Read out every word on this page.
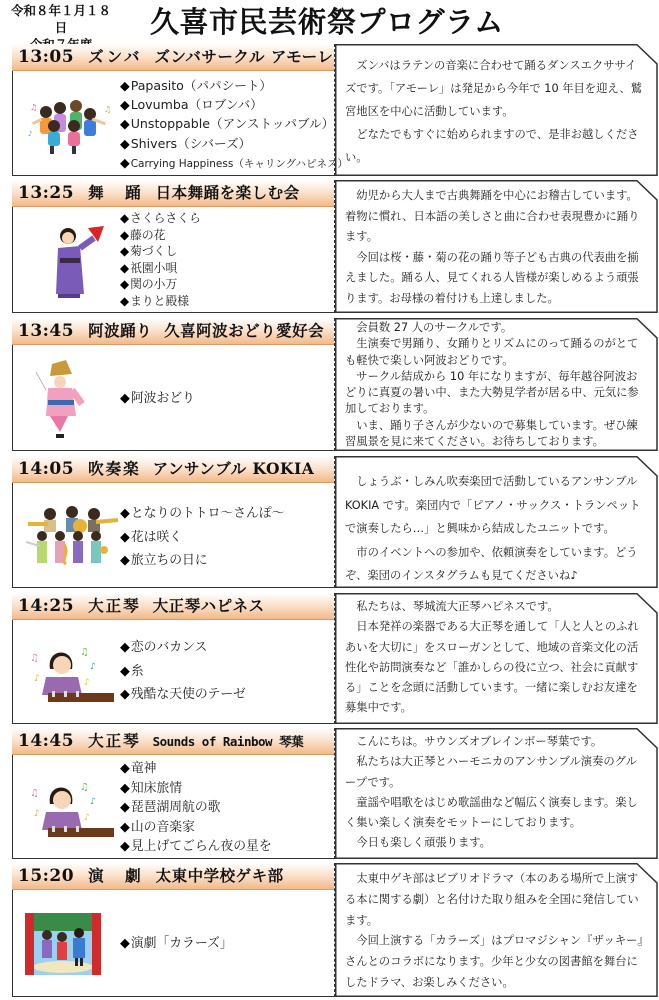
令和８年１月１８日	久喜市民芸術祭プログラム
13:05 ズンバ ズンバサークル アモーレ
♫	♫
♪
◆Papasito（パパシート）
◆Lovumba（ロブンバ）
◆Unstoppable（アンストッパブル）
◆Shivers（シバーズ）
◆Carrying Happiness（キャリングハピネス）

ズンバはラテンの音楽に合わせて踊るダンスエクササイズです。「アモーレ」は発足から今年で 10 年目を迎え、鷲宮地区を中心に活動しています。

どなたでもすぐに始められますので、是非お越しください。

13:25 舞　踊 日本舞踊を楽しむ会
◆さくらさくら
◆藤の花
◆菊づくし
◆祇園小唄
◆関の小万
◆まりと殿様

幼児から大人まで古典舞踊を中心にお稽古しています。着物に慣れ、日本語の美しさと曲に合わせ表現豊かに踊ります。

今回は桜・藤・菊の花の踊り等子ども古典の代表曲を揃えました。踊る人、見てくれる人皆様が楽しめるよう頑張ります。お母様の着付けも上達しました。

13:45 阿波踊り 久喜阿波おどり愛好会
◆阿波おどり

会員数 27 人のサークルです。

生演奏で男踊り、女踊りとリズムにのって踊るのがとても軽快で楽しい阿波おどりです。

サークル結成から 10 年になりますが、毎年越谷阿波おどりに真夏の暑い中、また大勢見学者が居る中、元気に参加しております。

いま、踊り子さんが少ないので募集しています。ぜひ練習風景を見に来てください。お待ちしております。

14:05 吹奏楽 アンサンブル KOKIA
◆となりのトトロ～さんぽ～
◆花は咲く
◆旅立ちの日に

しょうぶ・しみん吹奏楽団で活動しているアンサンブル KOKIA です。楽団内で「ピアノ・サックス・トランペットで演奏したら…」と興味から結成したユニットです。

市のイベントへの参加や、依頼演奏をしています。どうぞ、楽団のインスタグラムも見てくださいね♪

14:25 大正琴 大正琴ハピネス
♫
♫
♪
♪	♪
◆恋のバカンス
◆糸
◆残酷な天使のテーゼ

私たちは、琴城流大正琴ハピネスです。

日本発祥の楽器である大正琴を通して「人と人とのふれあいを大切に」をスローガンとして、地域の音楽文化の活性化や訪問演奏など「誰かしらの役に立つ、社会に貢献する」ことを念頭に活動しています。一緒に楽しむお友達を募集中です。

14:45 大正琴 Sounds of Rainbow 琴葉
♫
♫
♪
♪	♪
◆竜神
◆知床旅情
◆琵琶湖周航の歌
◆山の音楽家
◆見上げてごらん夜の星を

こんにちは。サウンズオブレインボー琴葉です。

私たちは大正琴とハーモニカのアンサンブル演奏のグループです。

童謡や唱歌をはじめ歌謡曲など幅広く演奏します。楽しく集い楽しく演奏をモットーにしております。

今日も楽しく頑張ります。

15:20 演　劇 太東中学校ゲキ部
◆演劇「カラーズ」

太東中ゲキ部はビブリオドラマ（本のある場所で上演する本に関する劇）と名付けた取り組みを全国に発信しています。

今回上演する「カラーズ」はプロマジシャン『ザッキー』さんとのコラボになります。少年と少女の図書館を舞台にしたドラマ、お楽しみください。
